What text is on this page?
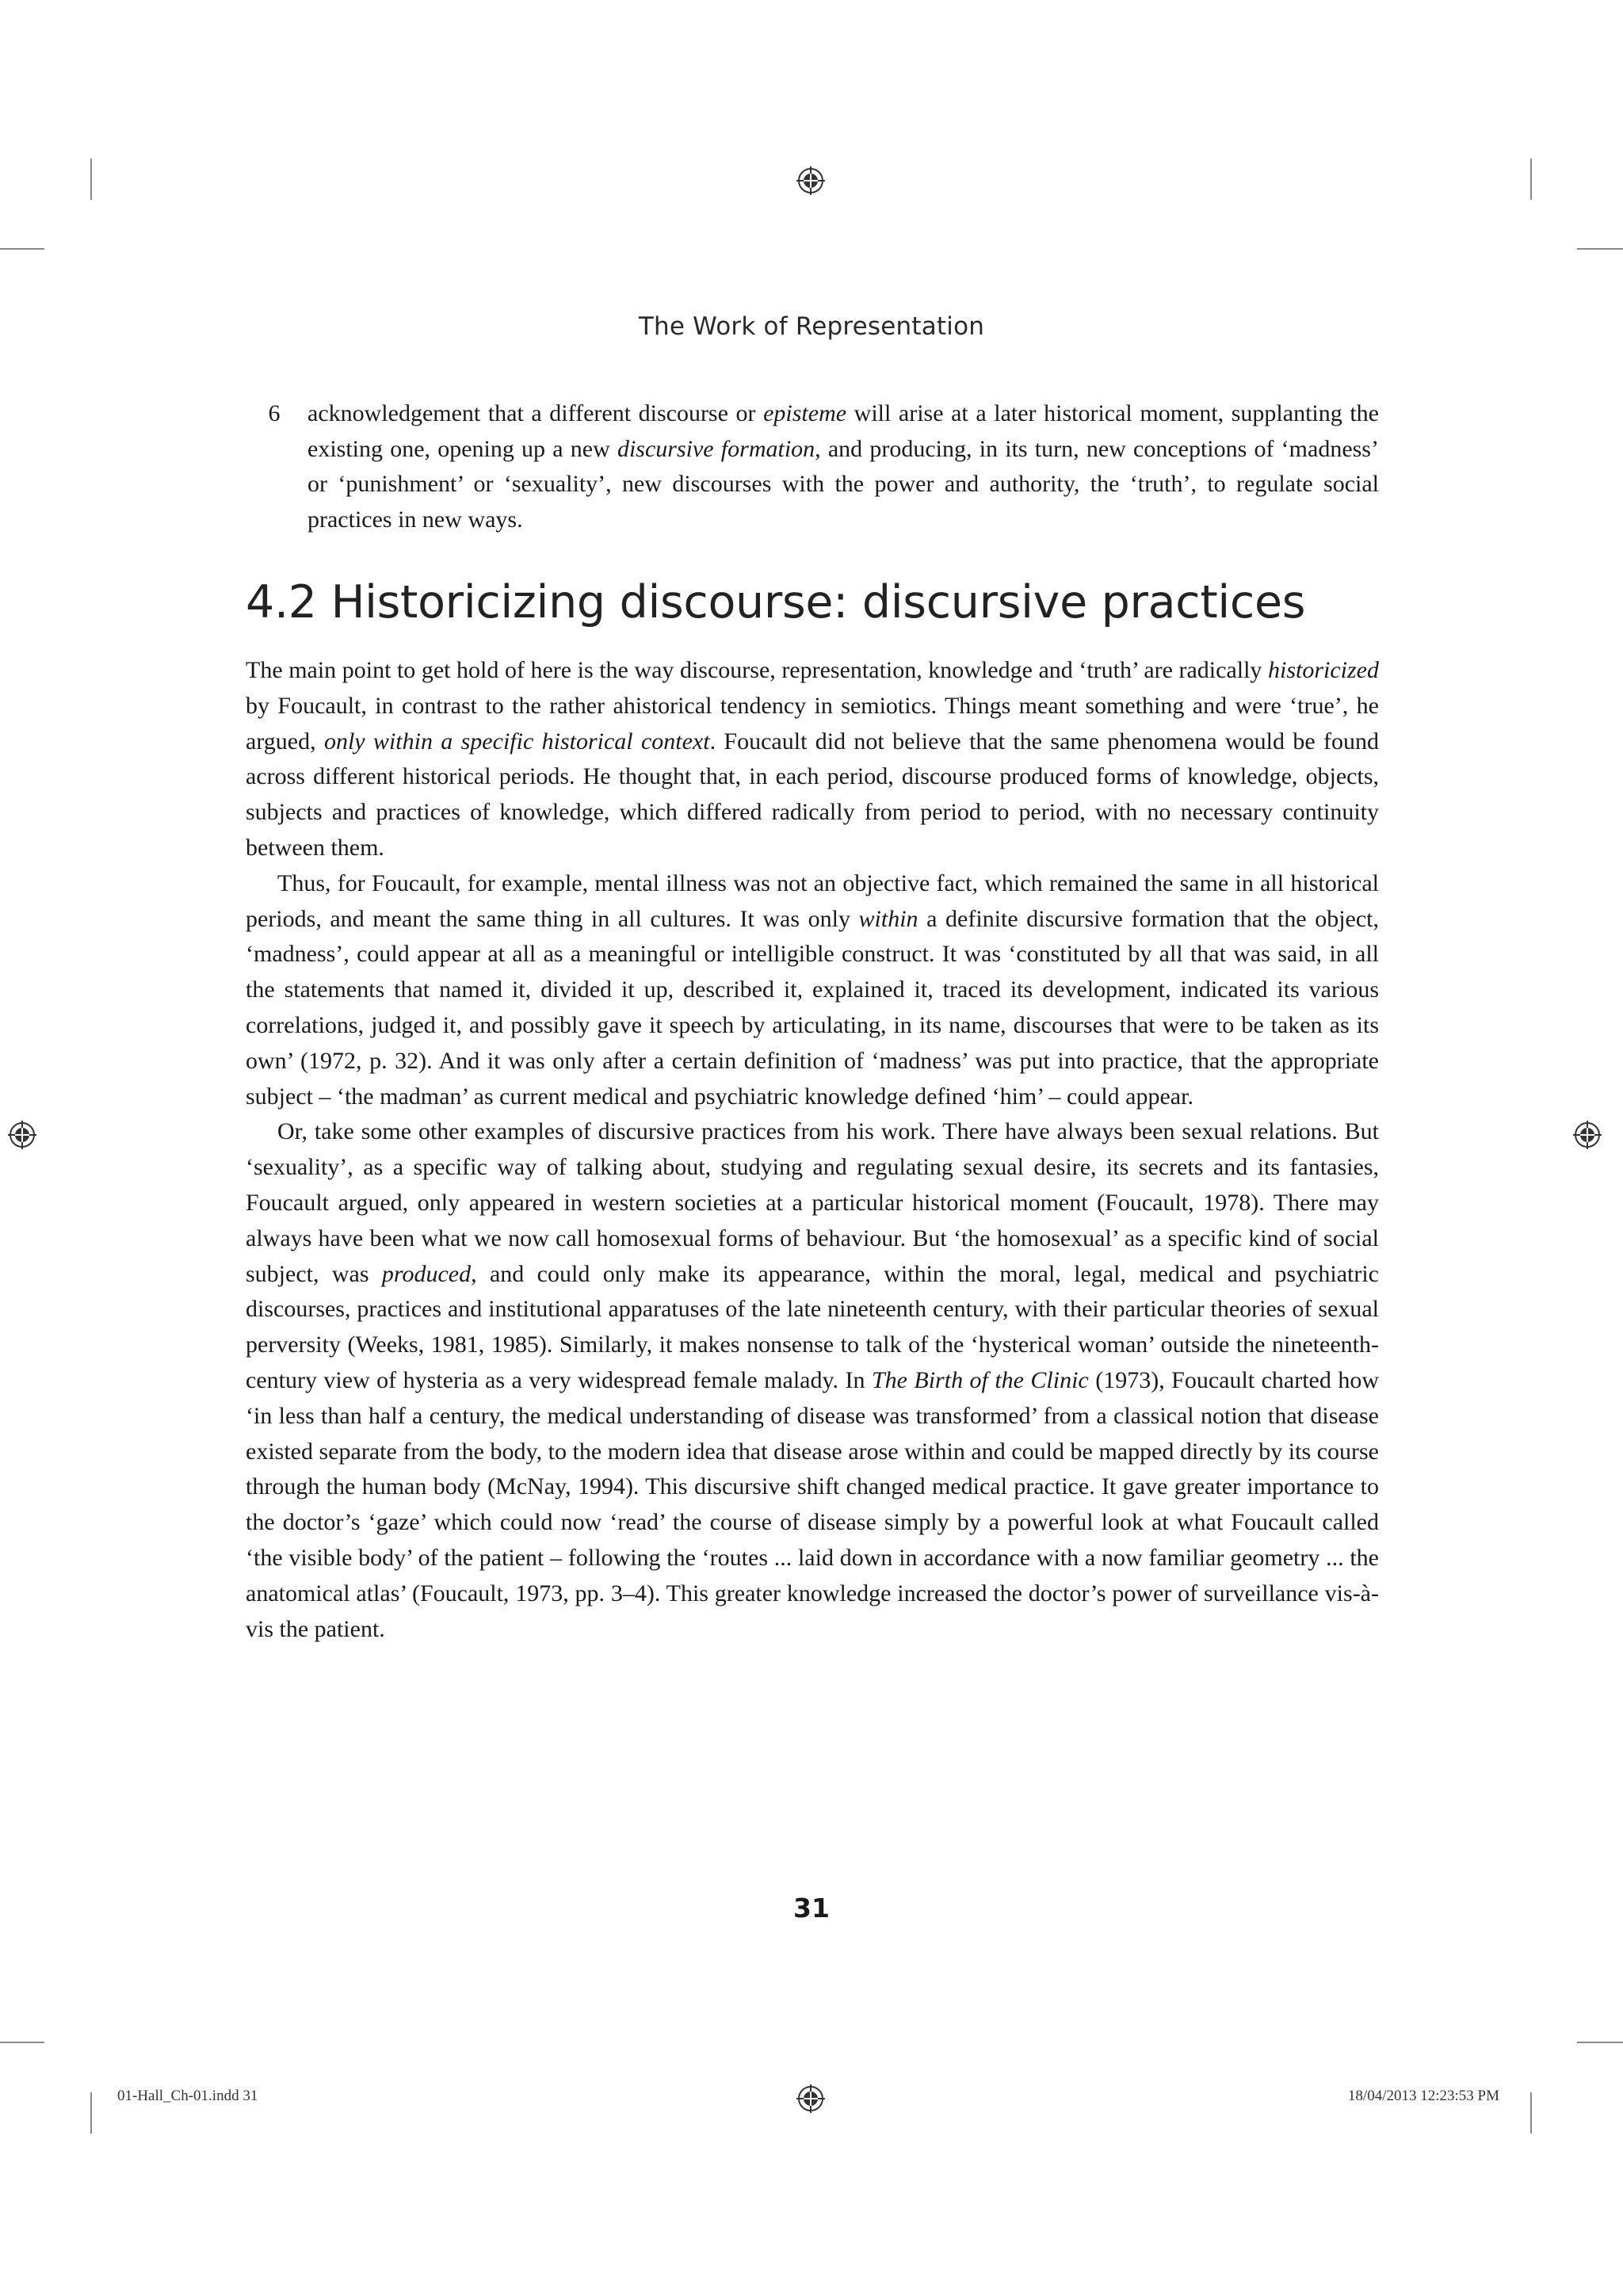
The Work of Representation
6	acknowledgement that a different discourse or episteme will arise at a later historical moment, supplanting the existing one, opening up a new discursive formation, and producing, in its turn, new conceptions of ‘madness’ or ‘punishment’ or ‘sexuality’, new discourses with the power and authority, the ‘truth’, to regulate social practices in new ways.
4.2 Historicizing discourse: discursive practices

The main point to get hold of here is the way discourse, representation, knowledge and ‘truth’ are radically historicized by Foucault, in contrast to the rather ahistorical tendency in semiotics. Things meant something and were ‘true’, he argued, only within a specific historical context. Foucault did not believe that the same phenomena would be found across different historical periods. He thought that, in each period, discourse produced forms of knowledge, objects, subjects and practices of knowledge, which differed radically from period to period, with no necessary continuity between them.

Thus, for Foucault, for example, mental illness was not an objective fact, which remained the same in all historical periods, and meant the same thing in all cultures. It was only within a definite discursive formation that the object, ‘madness’, could appear at all as a meaningful or intelligible construct. It was ‘constituted by all that was said, in all the statements that named it, divided it up, described it, explained it, traced its development, indicated its various correlations, judged it, and possibly gave it speech by articulating, in its name, discourses that were to be taken as its own’ (1972, p. 32). And it was only after a certain definition of ‘madness’ was put into practice, that the appropriate subject – ‘the madman’ as current medical and psychiatric knowledge defined ‘him’ – could appear.

Or, take some other examples of discursive practices from his work. There have always been sexual relations. But ‘sexuality’, as a specific way of talking about, studying and regulating sexual desire, its secrets and its fantasies, Foucault argued, only appeared in western societies at a particular historical moment (Foucault, 1978). There may always have been what we now call homosexual forms of behaviour. But ‘the homosexual’ as a specific kind of social subject, was produced, and could only make its appearance, within the moral, legal, medical and psychiatric discourses, practices and institutional apparatuses of the late nineteenth century, with their particular theories of sexual perversity (Weeks, 1981, 1985). Similarly, it makes nonsense to talk of the ‘hysterical woman’ outside the nineteenth-century view of hysteria as a very widespread female malady. In The Birth of the Clinic (1973), Foucault charted how ‘in less than half a century, the medical understanding of disease was transformed’ from a classical notion that disease existed separate from the body, to the modern idea that disease arose within and could be mapped directly by its course through the human body (McNay, 1994). This discursive shift changed medical practice. It gave greater importance to the doctor’s ‘gaze’ which could now ‘read’ the course of disease simply by a powerful look at what Foucault called ‘the visible body’ of the patient – following the ‘routes ... laid down in accordance with a now familiar geometry ... the anatomical atlas’ (Foucault, 1973, pp. 3–4). This greater knowledge increased the doctor’s power of surveillance vis-à-vis the patient.

31
01-Hall_Ch-01.indd 31	18/04/2013 12:23:53 PM
